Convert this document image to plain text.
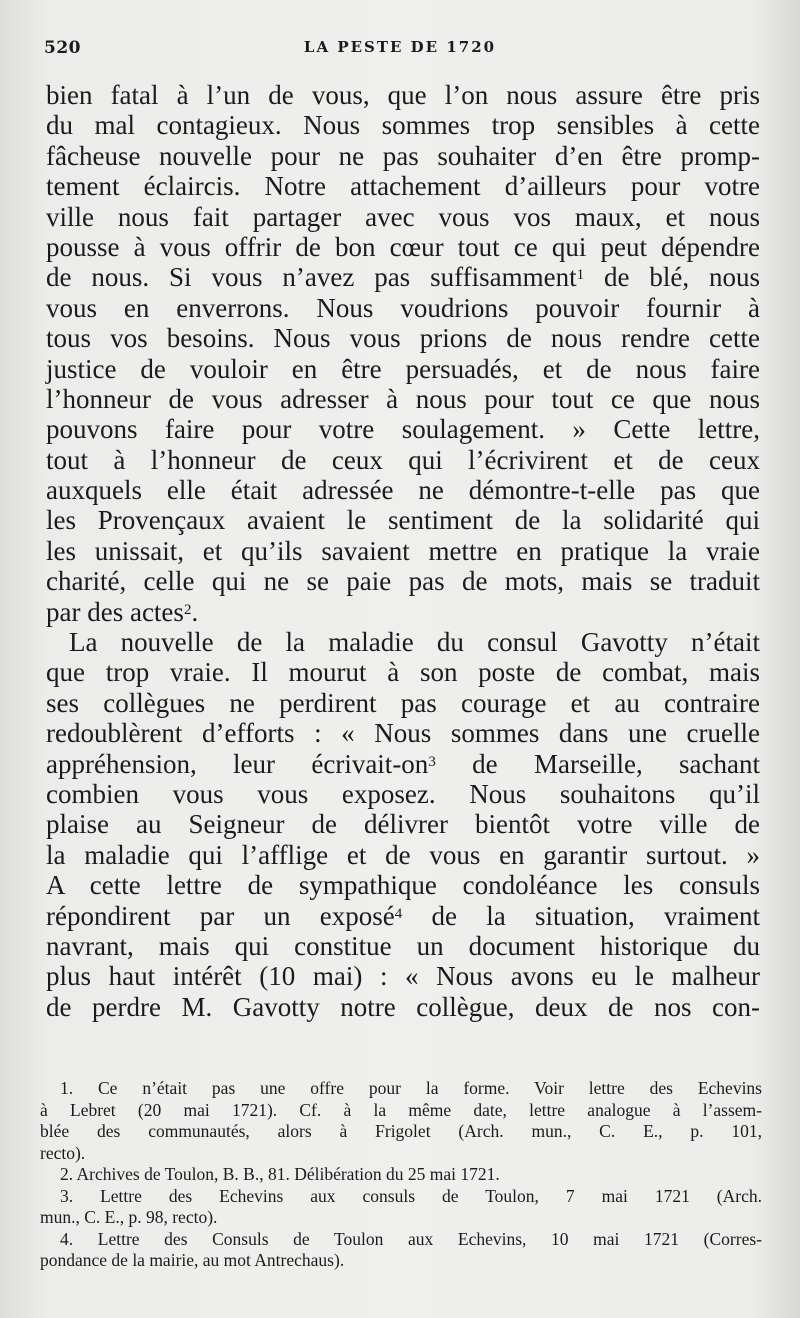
520	LA PESTE DE 1720
bien fatal à l’un de vous, que l’on nous assure être pris
du mal contagieux. Nous sommes trop sensibles à cette
fâcheuse nouvelle pour ne pas souhaiter d’en être promp-
tement éclaircis. Notre attachement d’ailleurs pour votre
ville nous fait partager avec vous vos maux, et nous
pousse à vous offrir de bon cœur tout ce qui peut dépendre
de nous. Si vous n’avez pas suffisamment$^1$ de blé, nous
vous en enverrons. Nous voudrions pouvoir fournir à
tous vos besoins. Nous vous prions de nous rendre cette
justice de vouloir en être persuadés, et de nous faire
l’honneur de vous adresser à nous pour tout ce que nous
pouvons faire pour votre soulagement. » Cette lettre,
tout à l’honneur de ceux qui l’écrivirent et de ceux
auxquels elle était adressée ne démontre-t-elle pas que
les Provençaux avaient le sentiment de la solidarité qui
les unissait, et qu’ils savaient mettre en pratique la vraie
charité, celle qui ne se paie pas de mots, mais se traduit
par des actes$^2$.
La nouvelle de la maladie du consul Gavotty n’était
que trop vraie. Il mourut à son poste de combat, mais
ses collègues ne perdirent pas courage et au contraire
redoublèrent d’efforts : « Nous sommes dans une cruelle
appréhension, leur écrivait-$on^3$ de Marseille, sachant
combien vous vous exposez. Nous souhaitons qu’il
plaise au Seigneur de délivrer bientôt votre ville de
la maladie qui l’afflige et de vous en garantir surtout. »
A cette lettre de sympathique condoléance les consuls
répondirent par un exposé$^4$ de la situation, vraiment
navrant, mais qui constitue un document historique du
plus haut intérêt (10 mai) : « Nous avons eu le malheur
de perdre M. Gavotty notre collègue, deux de nos con-
1. Ce n’était pas une offre pour la forme. Voir lettre des Echevins
à Lebret (20 mai 1721). Cf. à la même date, lettre analogue à l’assem-
blée des communautés, alors à Frigolet (Arch. mun., C. E., p. 101,
recto).
2. Archives de Toulon, B. B., 81. Délibération du 25 mai 1721.
3. Lettre des Echevins aux consuls de Toulon, 7 mai 1721 (Arch.
mun., C. E., p. 98, recto).
4. Lettre des Consuls de Toulon aux Echevins, 10 mai 1721 (Corres-
pondance de la mairie, au mot Antrechaus).
